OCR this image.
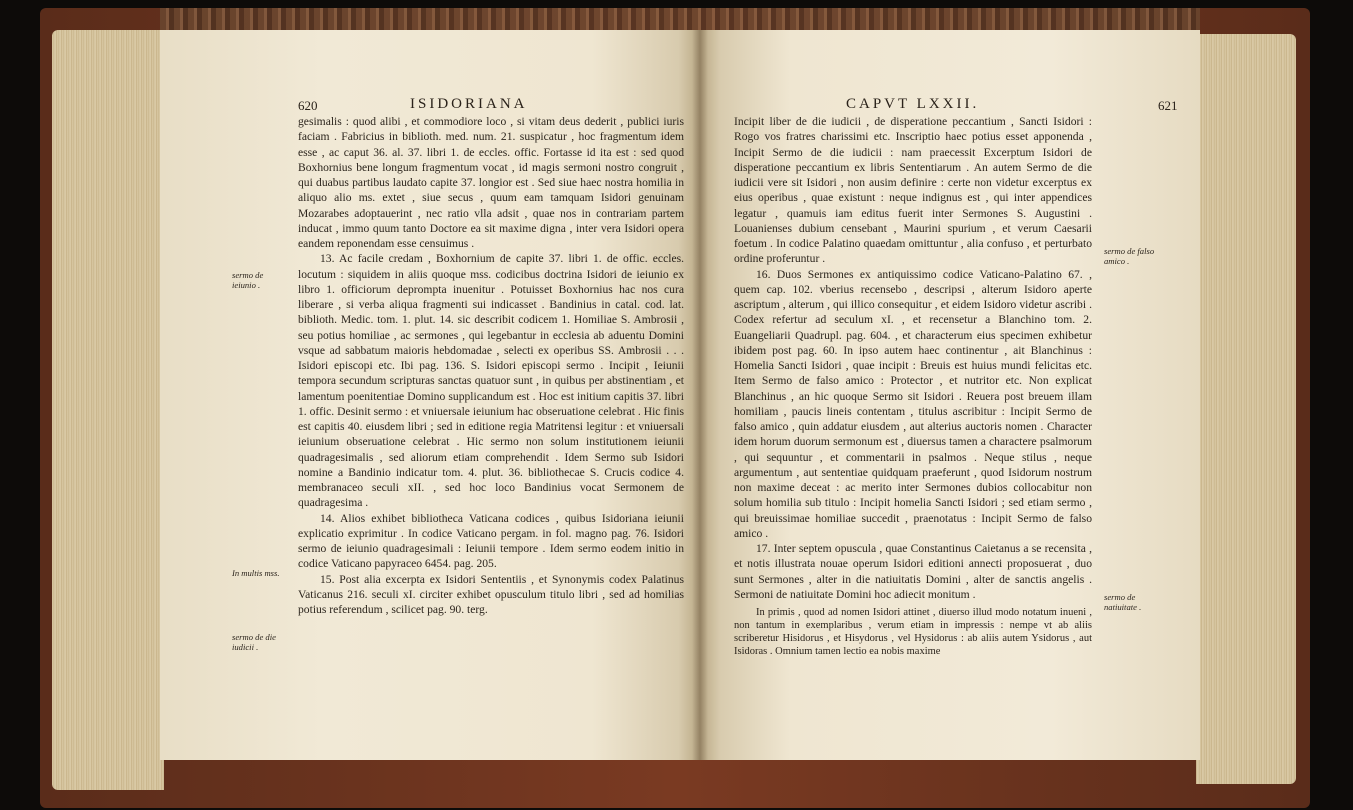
620	ISIDORIANA	CAPVT LXXII.	621

gesimalis : quod alibi , et commodiore loco , si vitam deus dederit , publici iuris faciam . Fabricius in biblioth. med. num. 21. suspicatur , hoc fragmentum idem esse , ac caput 36. al. 37. libri 1. de eccles. offic. Fortasse id ita est : sed quod Boxhornius bene longum fragmentum vocat , id magis sermoni nostro congruit , qui duabus partibus laudato capite 37. longior est . Sed siue haec nostra homilia in aliquo alio ms. extet , siue secus , quum eam tamquam Isidori genuinam Mozarabes adoptauerint , nec ratio vlla adsit , quae nos in contrariam partem inducat , immo quum tanto Doctore ea sit maxime digna , inter vera Isidori opera eandem reponendam esse censuimus .

13. Ac facile credam , Boxhornium de capite 37. libri 1. de offic. eccles. locutum : siquidem in aliis quoque mss. codicibus doctrina Isidori de ieiunio ex libro 1. officiorum deprompta inuenitur . Potuisset Boxhornius hac nos cura liberare , si verba aliqua fragmenti sui indicasset . Bandinius in catal. cod. lat. biblioth. Medic. tom. 1. plut. 14. sic describit codicem 1. Homiliae S. Ambrosii , seu potius homiliae , ac sermones , qui legebantur in ecclesia ab aduentu Domini vsque ad sabbatum maioris hebdomadae , selecti ex operibus SS. Ambrosii . . . Isidori episcopi etc. Ibi pag. 136. S. Isidori episcopi sermo . Incipit , Ieiunii tempora secundum scripturas sanctas quatuor sunt , in quibus per abstinentiam , et lamentum poenitentiae Domino supplicandum est . Hoc est initium capitis 37. libri 1. offic. Desinit sermo : et vniuersale ieiunium hac obseruatione celebrat . Hic finis est capitis 40. eiusdem libri ; sed in editione regia Matritensi legitur : et vniuersali ieiunium obseruatione celebrat . Hic sermo non solum institutionem ieiunii quadragesimalis , sed aliorum etiam comprehendit . Idem Sermo sub Isidori nomine a Bandinio indicatur tom. 4. plut. 36. bibliothecae S. Crucis codice 4. membranaceo seculi xII. , sed hoc loco Bandinius vocat Sermonem de quadragesima .

14. Alios exhibet bibliotheca Vaticana codices , quibus Isidoriana ieiunii explicatio exprimitur . In codice Vaticano pergam. in fol. magno pag. 76. Isidori sermo de ieiunio quadragesimali : Ieiunii tempore . Idem sermo eodem initio in codice Vaticano papyraceo 6454. pag. 205.

15. Post alia excerpta ex Isidori Sententiis , et Synonymis codex Palatinus Vaticanus 216. seculi xI. circiter exhibet opusculum titulo libri , sed ad homilias potius referendum , scilicet pag. 90. terg.

sermo de ieiunio .
In multis mss.
sermo de die iudicii .

Incipit liber de die iudicii , de disperatione peccantium , Sancti Isidori : Rogo vos fratres charissimi etc. Inscriptio haec potius esset apponenda , Incipit Sermo de die iudicii : nam praecessit Excerptum Isidori de disperatione peccantium ex libris Sententiarum . An autem Sermo de die iudicii vere sit Isidori , non ausim definire : certe non videtur excerptus ex eius operibus , quae existunt : neque indignus est , qui inter appendices legatur , quamuis iam editus fuerit inter Sermones S. Augustini . Louanienses dubium censebant , Maurini spurium , et verum Caesarii foetum . In codice Palatino quaedam omittuntur , alia confuso , et perturbato ordine proferuntur .

16. Duos Sermones ex antiquissimo codice Vaticano-Palatino 67. , quem cap. 102. vberius recensebo , descripsi , alterum Isidoro aperte ascriptum , alterum , qui illico consequitur , et eidem Isidoro videtur ascribi . Codex refertur ad seculum xI. , et recensetur a Blanchino tom. 2. Euangeliarii Quadrupl. pag. 604. , et characterum eius specimen exhibetur ibidem post pag. 60. In ipso autem haec continentur , ait Blanchinus : Homelia Sancti Isidori , quae incipit : Breuis est huius mundi felicitas etc. Item Sermo de falso amico : Protector , et nutritor etc. Non explicat Blanchinus , an hic quoque Sermo sit Isidori . Reuera post breuem illam homiliam , paucis lineis contentam , titulus ascribitur : Incipit Sermo de falso amico , quin addatur eiusdem , aut alterius auctoris nomen . Character idem horum duorum sermonum est , diuersus tamen a charactere psalmorum , qui sequuntur , et commentarii in psalmos . Neque stilus , neque argumentum , aut sententiae quidquam praeferunt , quod Isidorum nostrum non maxime deceat : ac merito inter Sermones dubios collocabitur non solum homilia sub titulo : Incipit homelia Sancti Isidori ; sed etiam sermo , qui breuissimae homiliae succedit , praenotatus : Incipit Sermo de falso amico .

17. Inter septem opuscula , quae Constantinus Caietanus a se recensita , et notis illustrata nouae operum Isidori editioni annecti proposuerat , duo sunt Sermones , alter in die natiuitatis Domini , alter de sanctis angelis . Sermoni de natiuitate Domini hoc adiecit monitum .

In primis , quod ad nomen Isidori attinet , diuerso illud modo notatum inueni , non tantum in exemplaribus , verum etiam in impressis : nempe vt ab aliis scriberetur Hisidorus , et Hisydorus , vel Hysidorus : ab aliis autem Ysidorus , aut Isidoras . Omnium tamen lectio ea nobis maxime

sermo de falso amico .
sermo de natiuitate .
